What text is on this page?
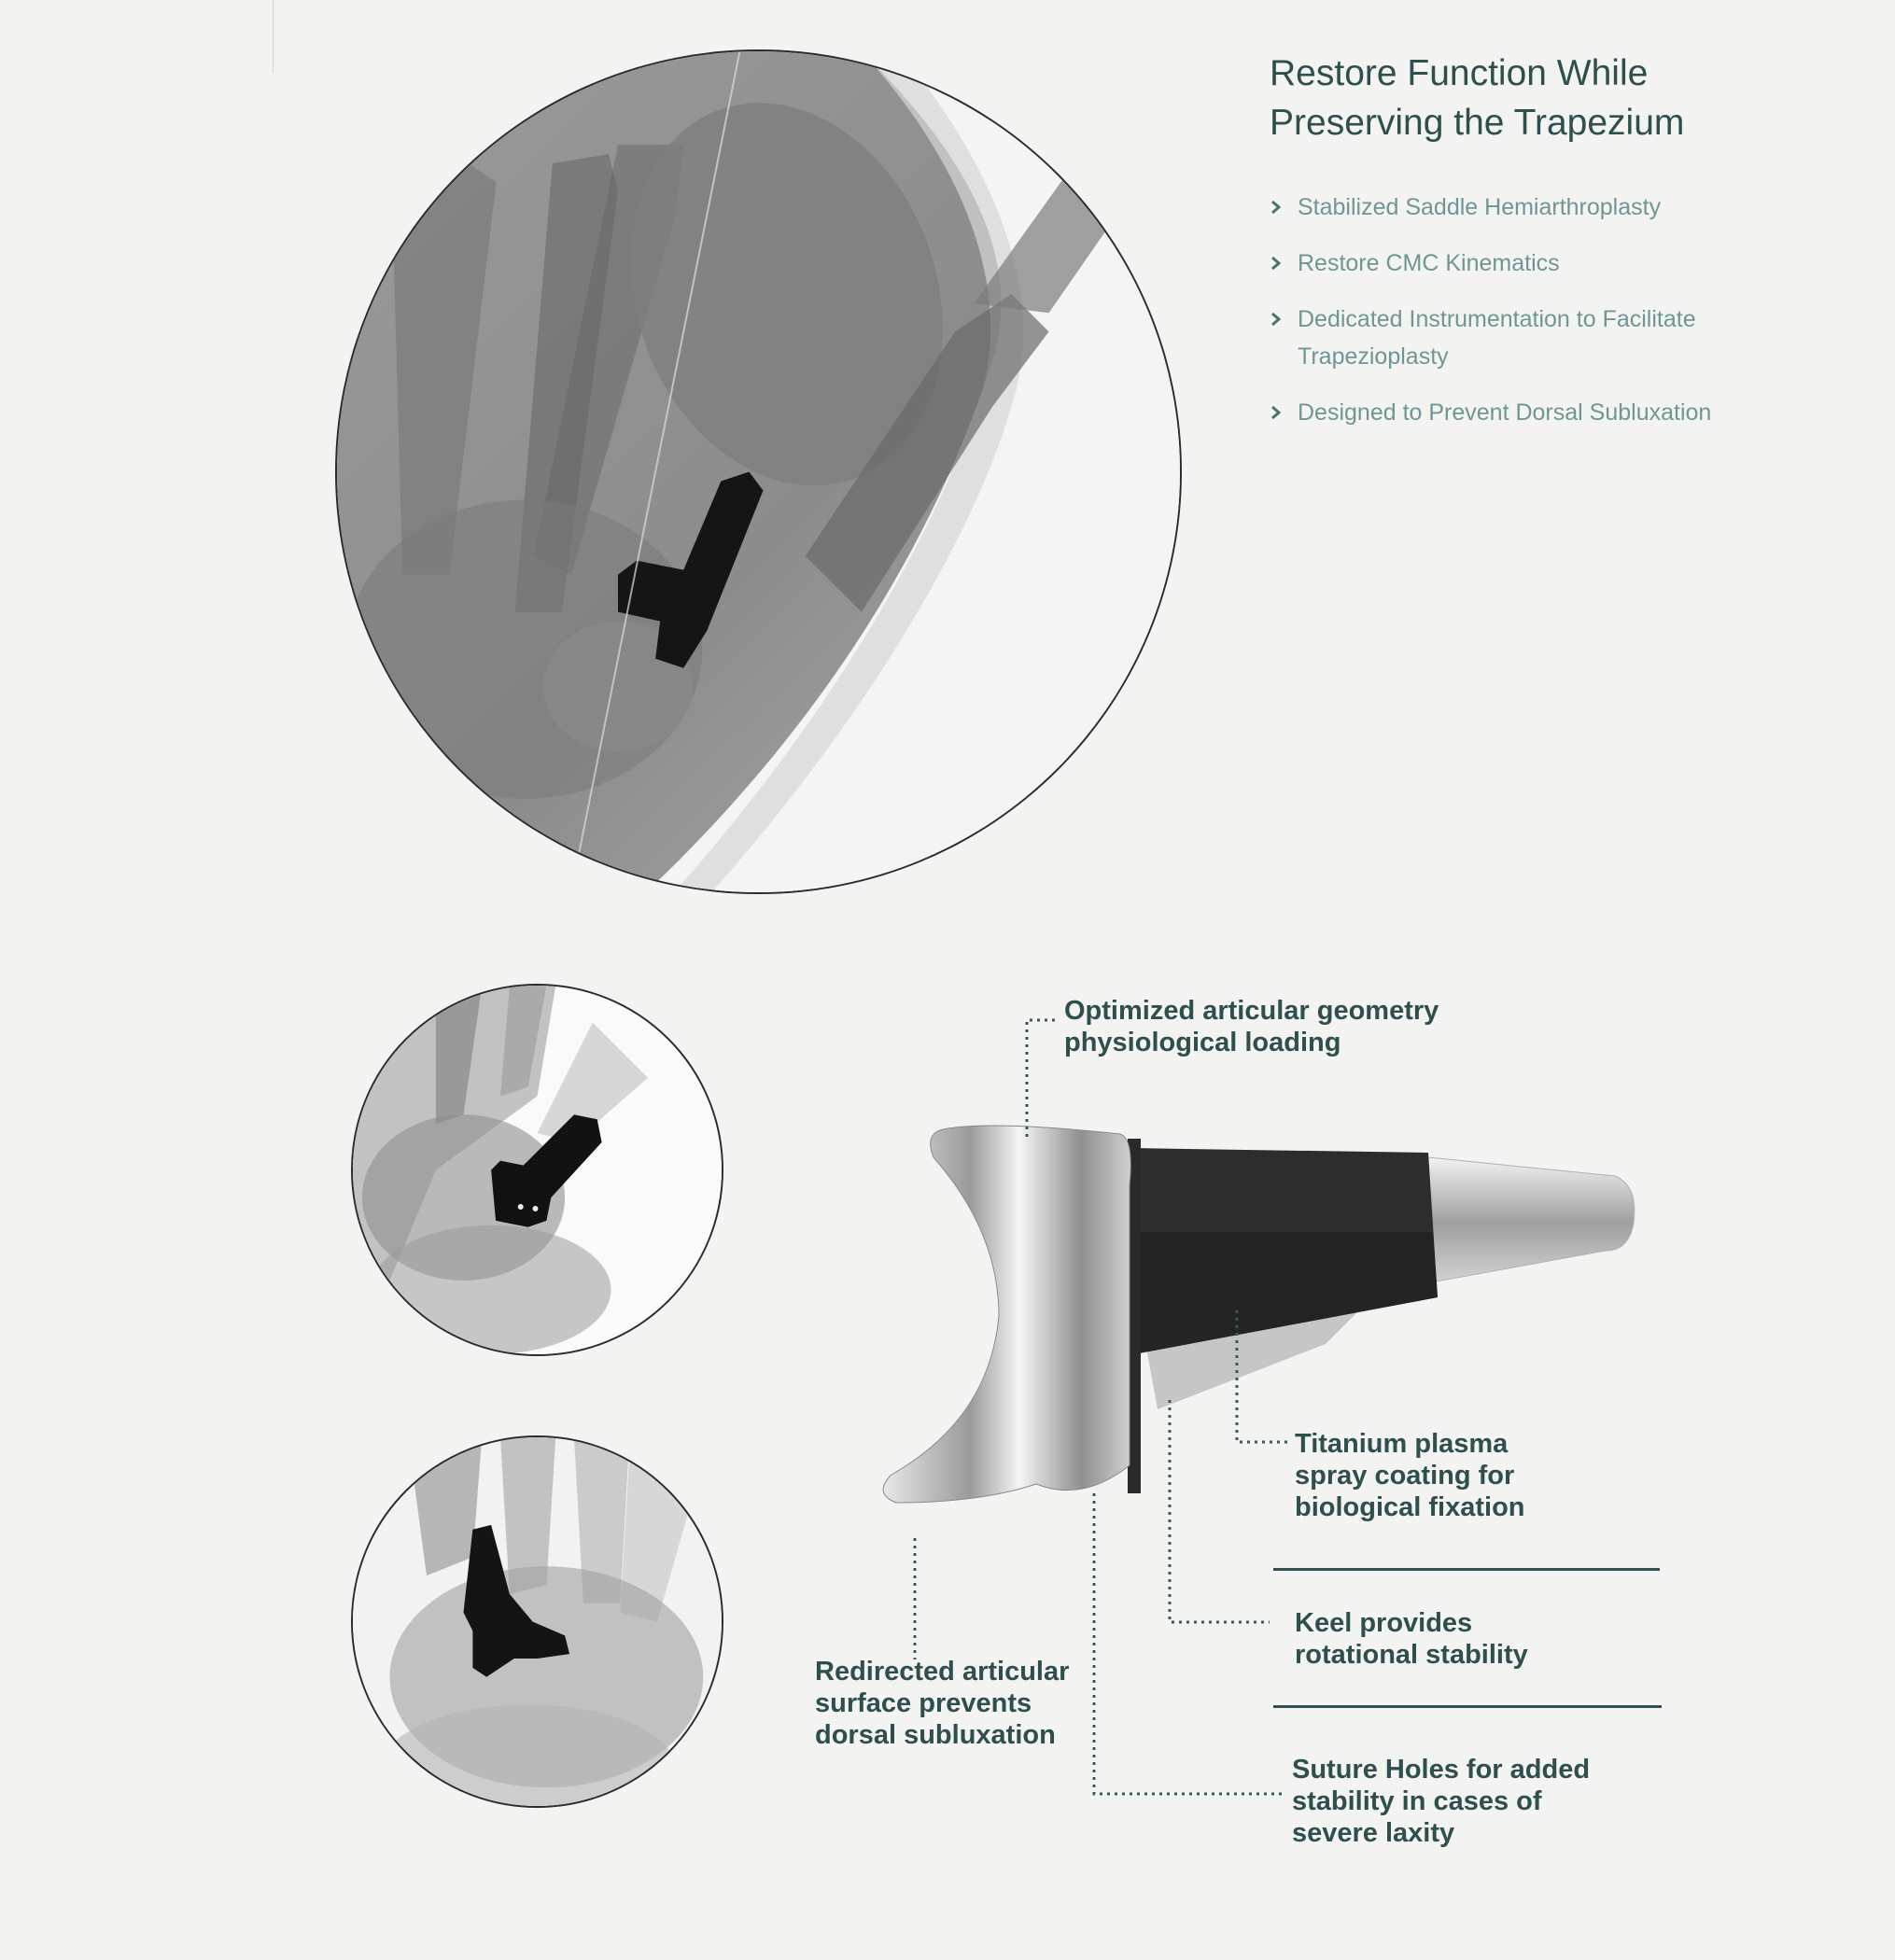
Restore Function While Preserving the Trapezium
Stabilized Saddle Hemiarthroplasty
Restore CMC Kinematics
Dedicated Instrumentation to Facilitate Trapezioplasty
Designed to Prevent Dorsal Subluxation

Optimized articular geometry
physiological loading

Titanium plasma
spray coating for
biological fixation

Keel provides
rotational stability

Redirected articular
surface prevents
dorsal subluxation

Suture Holes for added
stability in cases of
severe laxity
